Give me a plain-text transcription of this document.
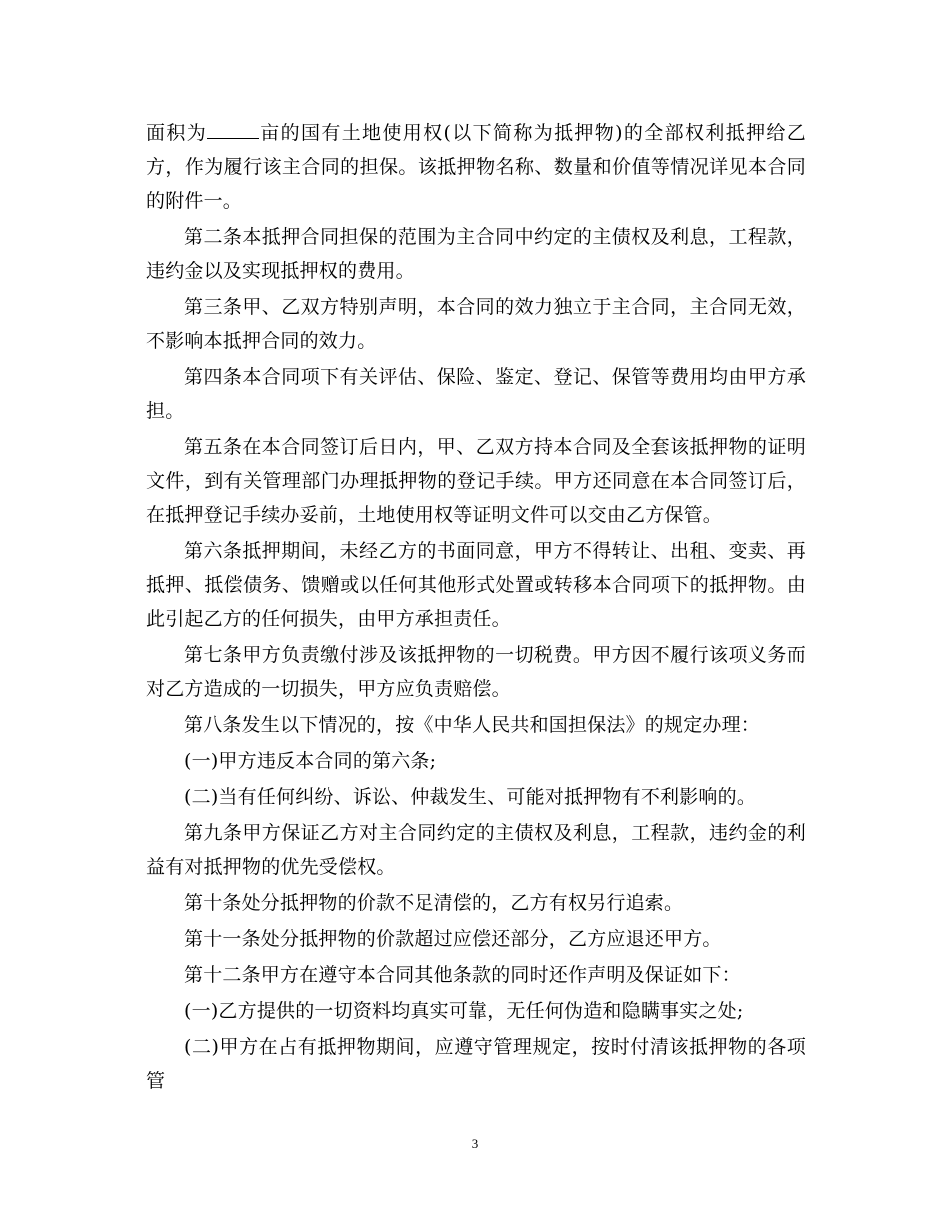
面积为	亩的国有土地使用权(以下简称为抵押物)的全部权利抵押给乙方，作为履行该主合同的担保。该抵押物名称、数量和价值等情况详见本合同的附件一。

第二条本抵押合同担保的范围为主合同中约定的主债权及利息，工程款，违约金以及实现抵押权的费用。

第三条甲、乙双方特别声明，本合同的效力独立于主合同，主合同无效，不影响本抵押合同的效力。

第四条本合同项下有关评估、保险、鉴定、登记、保管等费用均由甲方承担。

第五条在本合同签订后日内，甲、乙双方持本合同及全套该抵押物的证明文件，到有关管理部门办理抵押物的登记手续。甲方还同意在本合同签订后，在抵押登记手续办妥前，土地使用权等证明文件可以交由乙方保管。

第六条抵押期间，未经乙方的书面同意，甲方不得转让、出租、变卖、再抵押、抵偿债务、馈赠或以任何其他形式处置或转移本合同项下的抵押物。由此引起乙方的任何损失，由甲方承担责任。

第七条甲方负责缴付涉及该抵押物的一切税费。甲方因不履行该项义务而对乙方造成的一切损失，甲方应负责赔偿。

第八条发生以下情况的，按《中华人民共和国担保法》的规定办理：

(一)甲方违反本合同的第六条;

(二)当有任何纠纷、诉讼、仲裁发生、可能对抵押物有不利影响的。

第九条甲方保证乙方对主合同约定的主债权及利息，工程款，违约金的利益有对抵押物的优先受偿权。

第十条处分抵押物的价款不足清偿的，乙方有权另行追索。

第十一条处分抵押物的价款超过应偿还部分，乙方应退还甲方。

第十二条甲方在遵守本合同其他条款的同时还作声明及保证如下：

(一)乙方提供的一切资料均真实可靠，无任何伪造和隐瞒事实之处;

(二)甲方在占有抵押物期间，应遵守管理规定，按时付清该抵押物的各项管

3
